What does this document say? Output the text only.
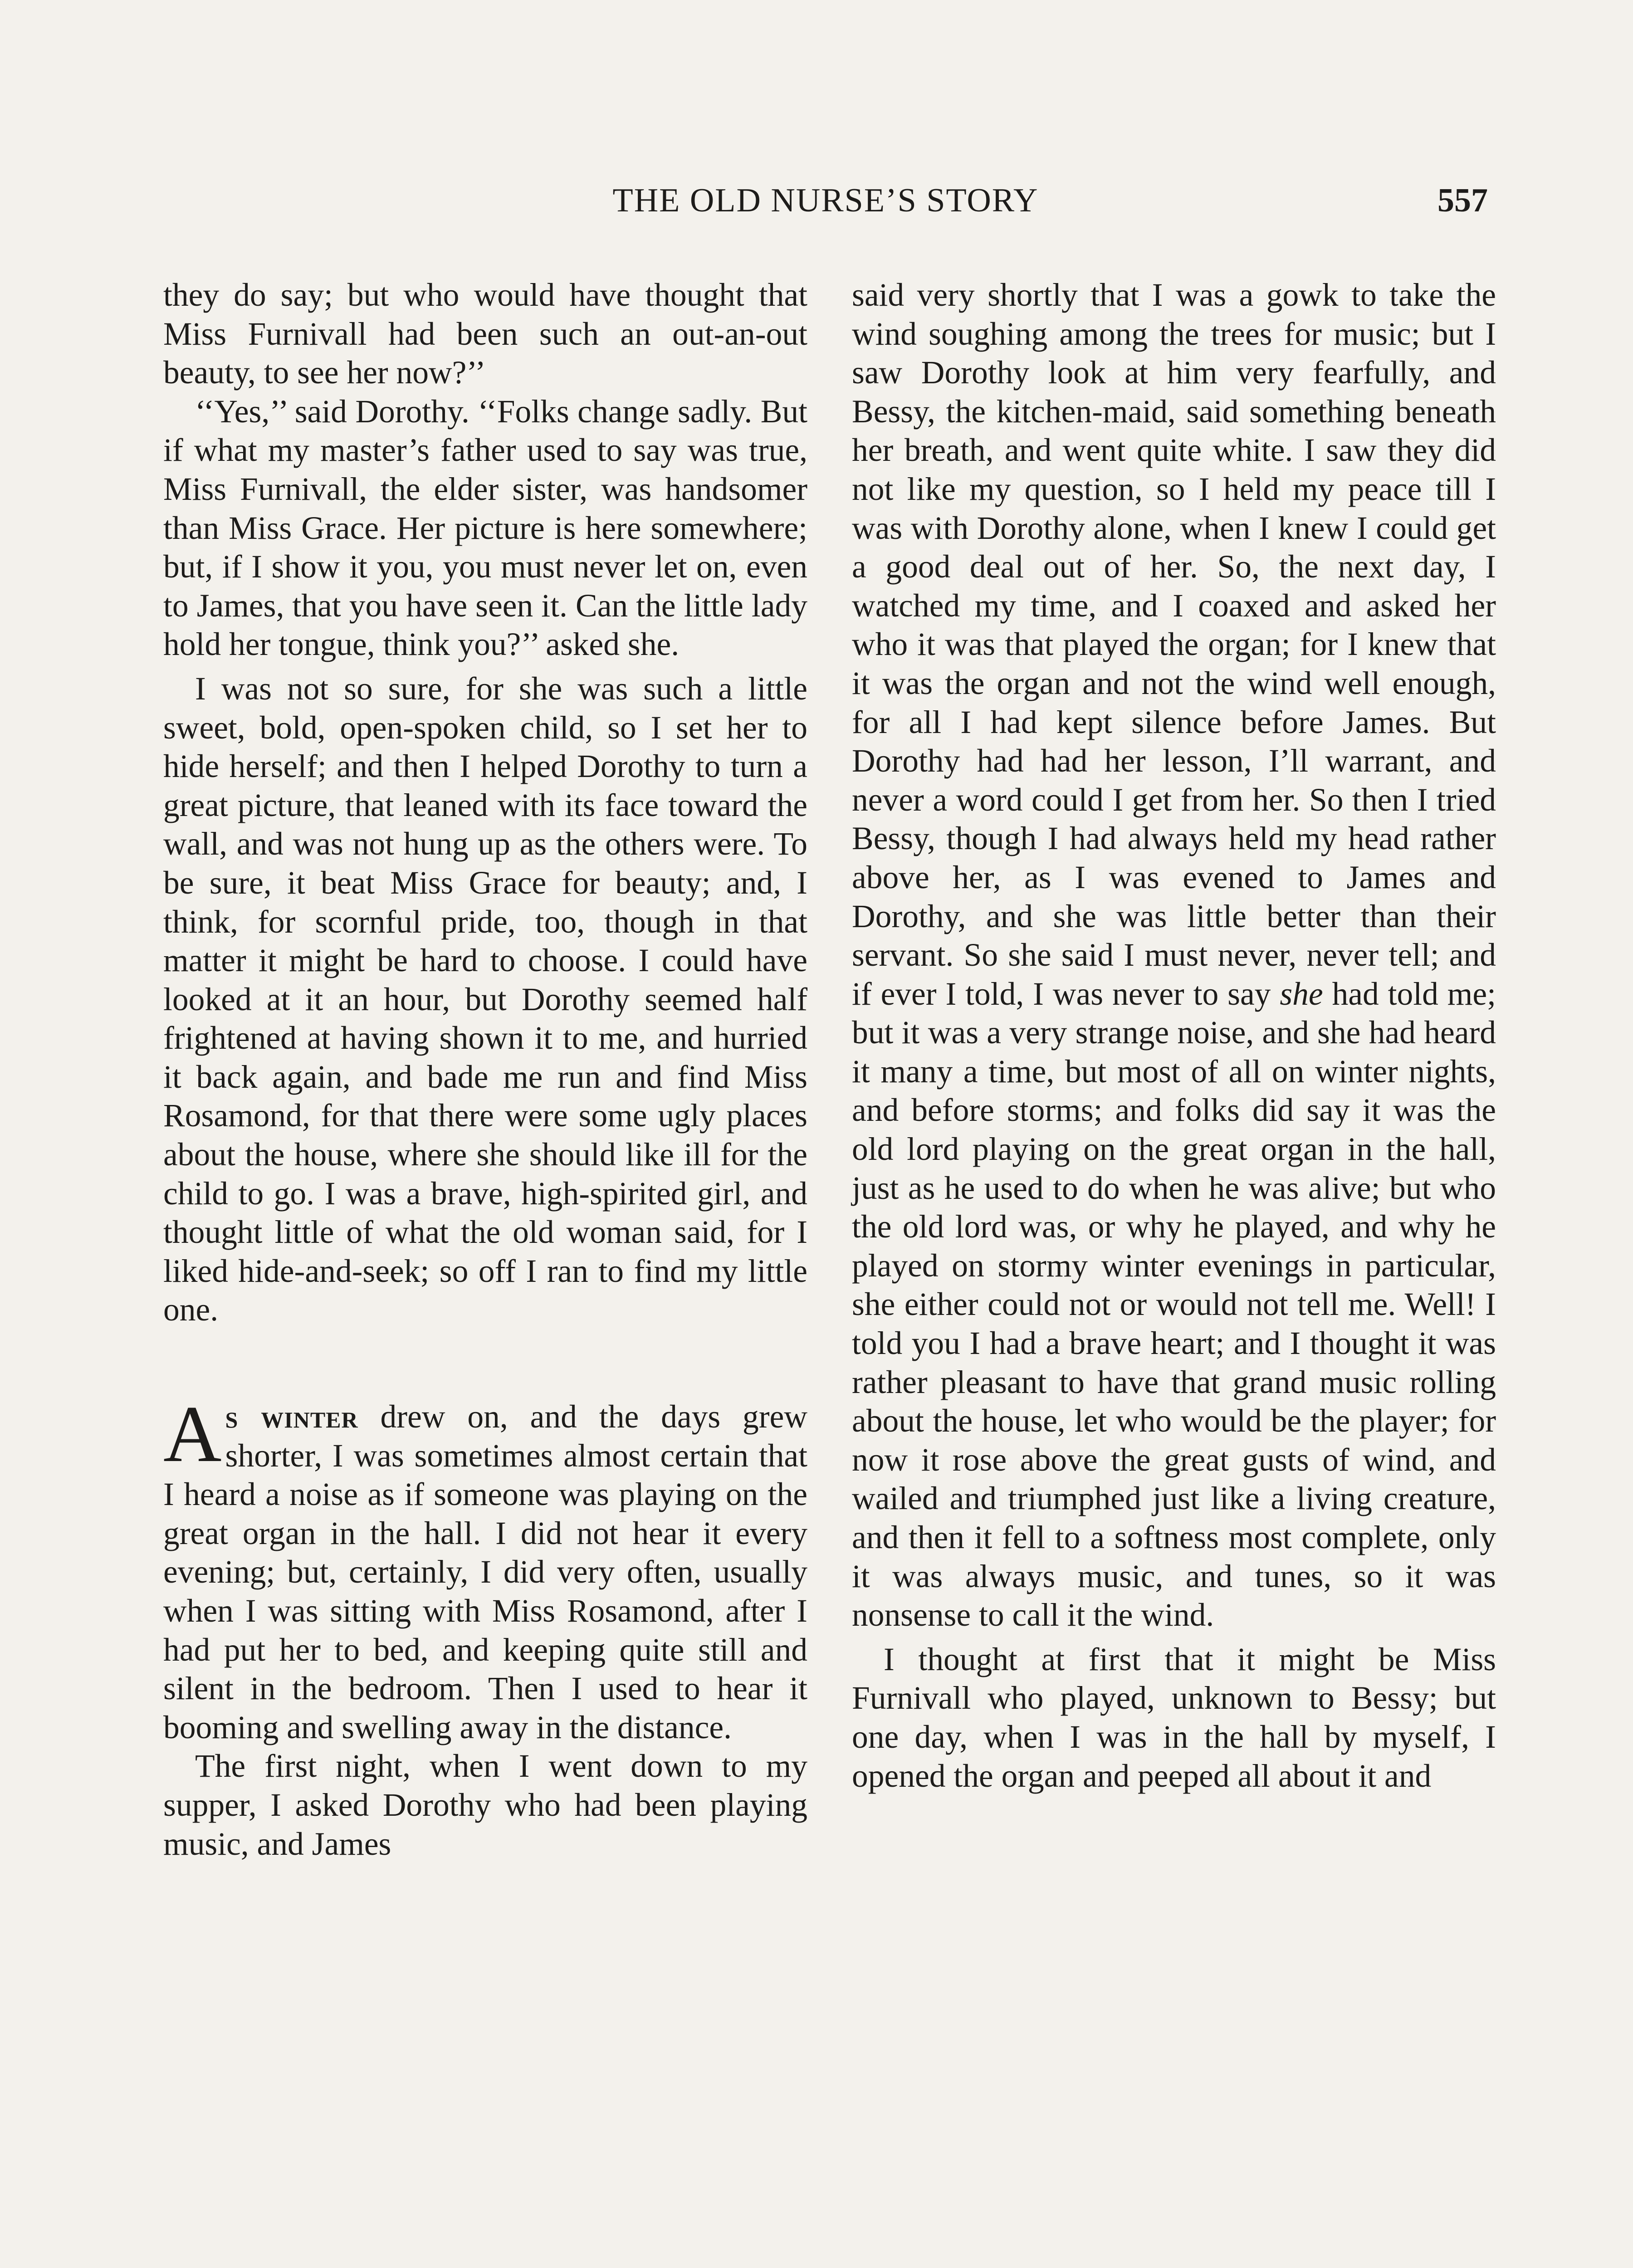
THE OLD NURSE’S STORY	557

they do say; but who would have thought that Miss Furnivall had been such an out-an-out beauty, to see her now?’’

‘‘Yes,’’ said Dorothy. ‘‘Folks change sadly. But if what my master’s father used to say was true, Miss Furnivall, the elder sister, was handsomer than Miss Grace. Her picture is here somewhere; but, if I show it you, you must never let on, even to James, that you have seen it. Can the little lady hold her tongue, think you?’’ asked she.

I was not so sure, for she was such a little sweet, bold, open-spoken child, so I set her to hide herself; and then I helped Dorothy to turn a great picture, that leaned with its face toward the wall, and was not hung up as the others were. To be sure, it beat Miss Grace for beauty; and, I think, for scornful pride, too, though in that matter it might be hard to choose. I could have looked at it an hour, but Dorothy seemed half frightened at having shown it to me, and hurried it back again, and bade me run and find Miss Rosamond, for that there were some ugly places about the house, where she should like ill for the child to go. I was a brave, high-spirited girl, and thought little of what the old woman said, for I liked hide-and-seek; so off I ran to find my little one.

As winter drew on, and the days grew shorter, I was sometimes almost certain that I heard a noise as if someone was playing on the great organ in the hall. I did not hear it every evening; but, certainly, I did very often, usually when I was sitting with Miss Rosamond, after I had put her to bed, and keeping quite still and silent in the bedroom. Then I used to hear it booming and swelling away in the distance.

The first night, when I went down to my supper, I asked Dorothy who had been playing music, and James

said very shortly that I was a gowk to take the wind soughing among the trees for music; but I saw Dorothy look at him very fearfully, and Bessy, the kitchen-maid, said something beneath her breath, and went quite white. I saw they did not like my question, so I held my peace till I was with Dorothy alone, when I knew I could get a good deal out of her. So, the next day, I watched my time, and I coaxed and asked her who it was that played the organ; for I knew that it was the organ and not the wind well enough, for all I had kept silence before James. But Dorothy had had her lesson, I’ll warrant, and never a word could I get from her. So then I tried Bessy, though I had always held my head rather above her, as I was evened to James and Dorothy, and she was little better than their servant. So she said I must never, never tell; and if ever I told, I was never to say she had told me; but it was a very strange noise, and she had heard it many a time, but most of all on winter nights, and before storms; and folks did say it was the old lord playing on the great organ in the hall, just as he used to do when he was alive; but who the old lord was, or why he played, and why he played on stormy winter evenings in particular, she either could not or would not tell me. Well! I told you I had a brave heart; and I thought it was rather pleasant to have that grand music rolling about the house, let who would be the player; for now it rose above the great gusts of wind, and wailed and triumphed just like a living creature, and then it fell to a softness most complete, only it was always music, and tunes, so it was nonsense to call it the wind.

I thought at first that it might be Miss Furnivall who played, unknown to Bessy; but one day, when I was in the hall by myself, I opened the organ and peeped all about it and
